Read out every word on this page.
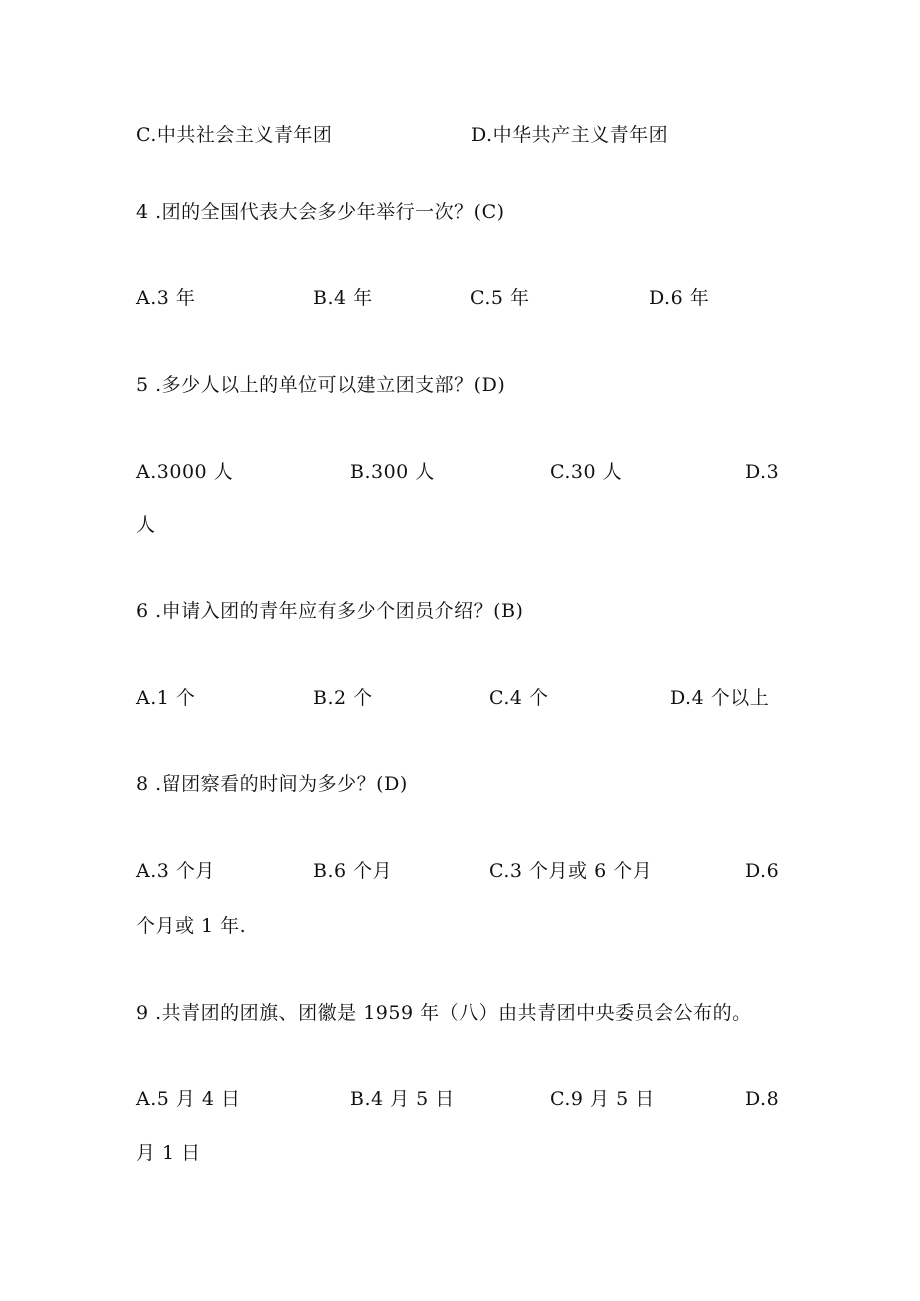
C.中共社会主义青年团	D.中华共产主义青年团
4 .团的全国代表大会多少年举行一次？(C)
A.3 年	B.4 年	C.5 年	D.6 年
5 .多少人以上的单位可以建立团支部？(D)
A.3000 人	B.300 人	C.30 人	D.3
人
6 .申请入团的青年应有多少个团员介绍？(B)
A.1 个	B.2 个	C.4 个	D.4 个以上
8 .留团察看的时间为多少？(D)
A.3 个月	B.6 个月	C.3 个月或 6 个月	D.6
个月或 1 年.
9 .共青团的团旗、团徽是 1959 年（八）由共青团中央委员会公布的。
A.5 月 4 日	B.4 月 5 日	C.9 月 5 日	D.8
月 1 日
